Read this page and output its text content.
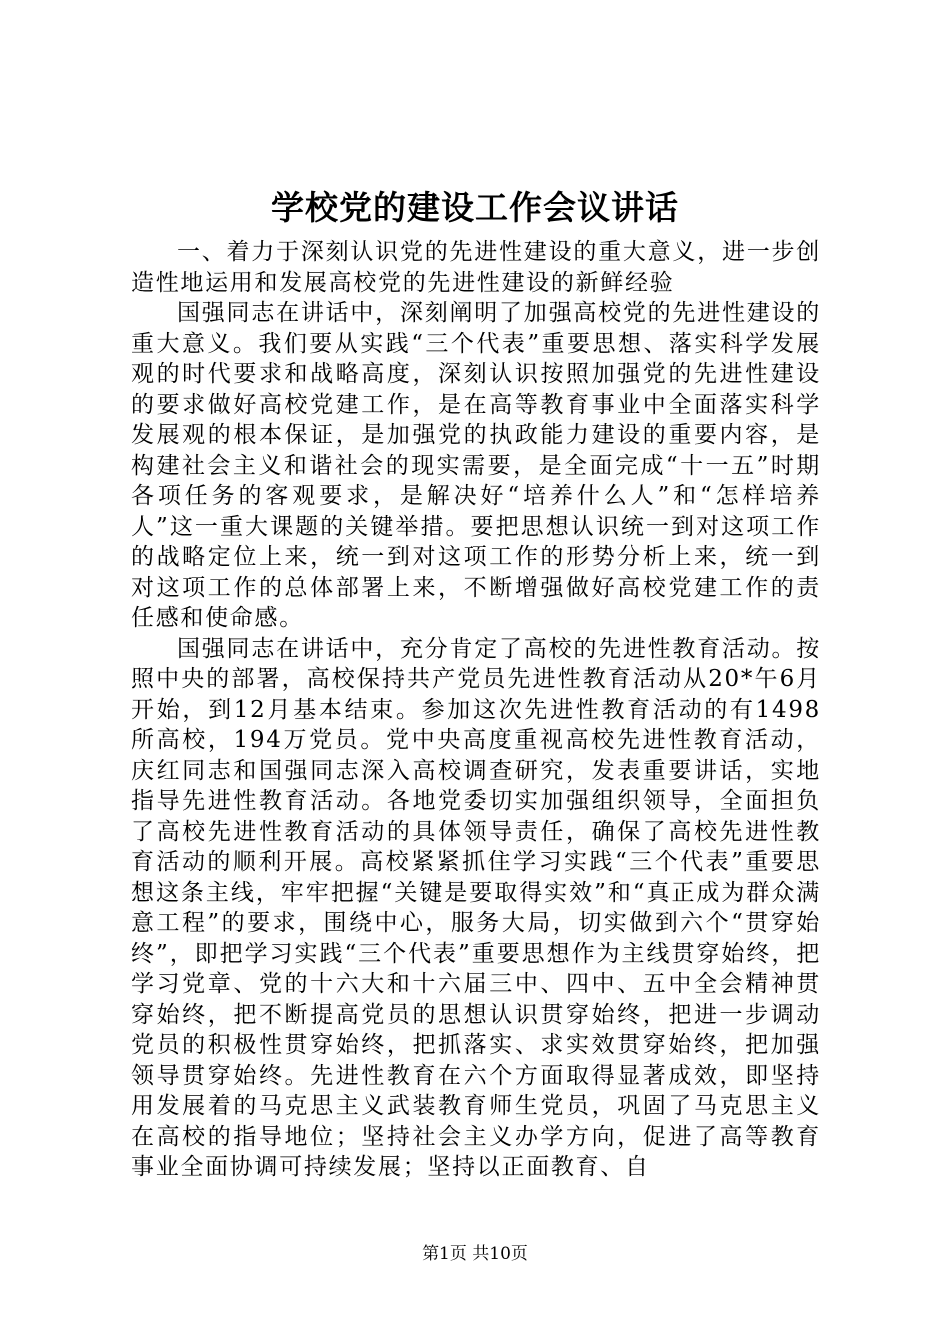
学校党的建设工作会议讲话

一、着力于深刻认识党的先进性建设的重大意义，进一步创造性地运用和发展高校党的先进性建设的新鲜经验

国强同志在讲话中，深刻阐明了加强高校党的先进性建设的重大意义。我们要从实践“三个代表”重要思想、落实科学发展观的时代要求和战略高度，深刻认识按照加强党的先进性建设的要求做好高校党建工作，是在高等教育事业中全面落实科学发展观的根本保证，是加强党的执政能力建设的重要内容，是构建社会主义和谐社会的现实需要，是全面完成“十一五”时期各项任务的客观要求，是解决好“培养什么人”和“怎样培养人”这一重大课题的关键举措。要把思想认识统一到对这项工作的战略定位上来，统一到对这项工作的形势分析上来，统一到对这项工作的总体部署上来，不断增强做好高校党建工作的责任感和使命感。

国强同志在讲话中，充分肯定了高校的先进性教育活动。按照中央的部署，高校保持共产党员先进性教育活动从20*午6月开始，到12月基本结束。参加这次先进性教育活动的有1498所高校，194万党员。党中央高度重视高校先进性教育活动，庆红同志和国强同志深入高校调查研究，发表重要讲话，实地指导先进性教育活动。各地党委切实加强组织领导，全面担负了高校先进性教育活动的具体领导责任，确保了高校先进性教育活动的顺利开展。高校紧紧抓住学习实践“三个代表”重要思想这条主线，牢牢把握“关键是要取得实效”和“真正成为群众满意工程”的要求，围绕中心，服务大局，切实做到六个“贯穿始终”，即把学习实践“三个代表”重要思想作为主线贯穿始终，把学习党章、党的十六大和十六届三中、四中、五中全会精神贯穿始终，把不断提高党员的思想认识贯穿始终，把进一步调动党员的积极性贯穿始终，把抓落实、求实效贯穿始终，把加强领导贯穿始终。先进性教育在六个方面取得显著成效，即坚持用发展着的马克思主义武装教育师生党员，巩固了马克思主义在高校的指导地位；坚持社会主义办学方向，促进了高等教育事业全面协调可持续发展；坚持以正面教育、自

第1页 共10页
